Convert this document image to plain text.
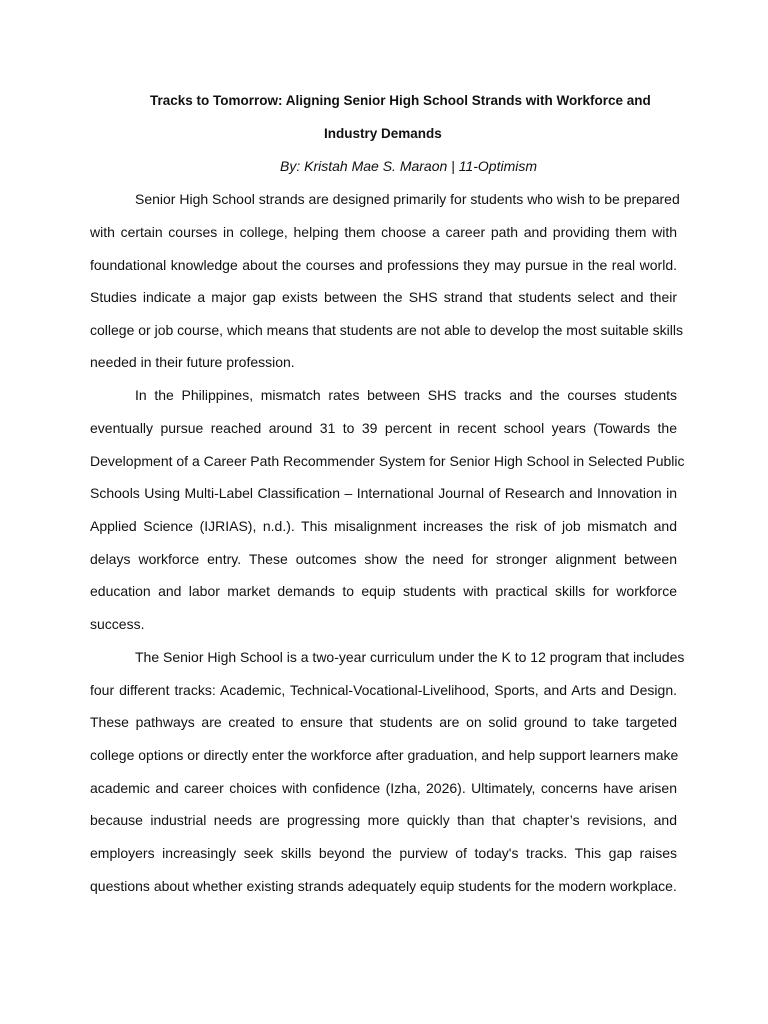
Tracks to Tomorrow: Aligning Senior High School Strands with Workforce and
Industry Demands
By: Kristah Mae S. Maraon | 11-Optimism
Senior High School strands are designed primarily for students who wish to be prepared
with certain courses in college, helping them choose a career path and providing them with
foundational knowledge about the courses and professions they may pursue in the real world.
Studies indicate a major gap exists between the SHS strand that students select and their
college or job course, which means that students are not able to develop the most suitable skills
needed in their future profession.
In the Philippines, mismatch rates between SHS tracks and the courses students
eventually pursue reached around 31 to 39 percent in recent school years (Towards the
Development of a Career Path Recommender System for Senior High School in Selected Public
Schools Using Multi-Label Classification – International Journal of Research and Innovation in
Applied Science (IJRIAS), n.d.). This misalignment increases the risk of job mismatch and
delays workforce entry. These outcomes show the need for stronger alignment between
education and labor market demands to equip students with practical skills for workforce
success.
The Senior High School is a two-year curriculum under the K to 12 program that includes
four different tracks: Academic, Technical-Vocational-Livelihood, Sports, and Arts and Design.
These pathways are created to ensure that students are on solid ground to take targeted
college options or directly enter the workforce after graduation, and help support learners make
academic and career choices with confidence (Izha, 2026). Ultimately, concerns have arisen
because industrial needs are progressing more quickly than that chapter’s revisions, and
employers increasingly seek skills beyond the purview of today's tracks. This gap raises
questions about whether existing strands adequately equip students for the modern workplace.
